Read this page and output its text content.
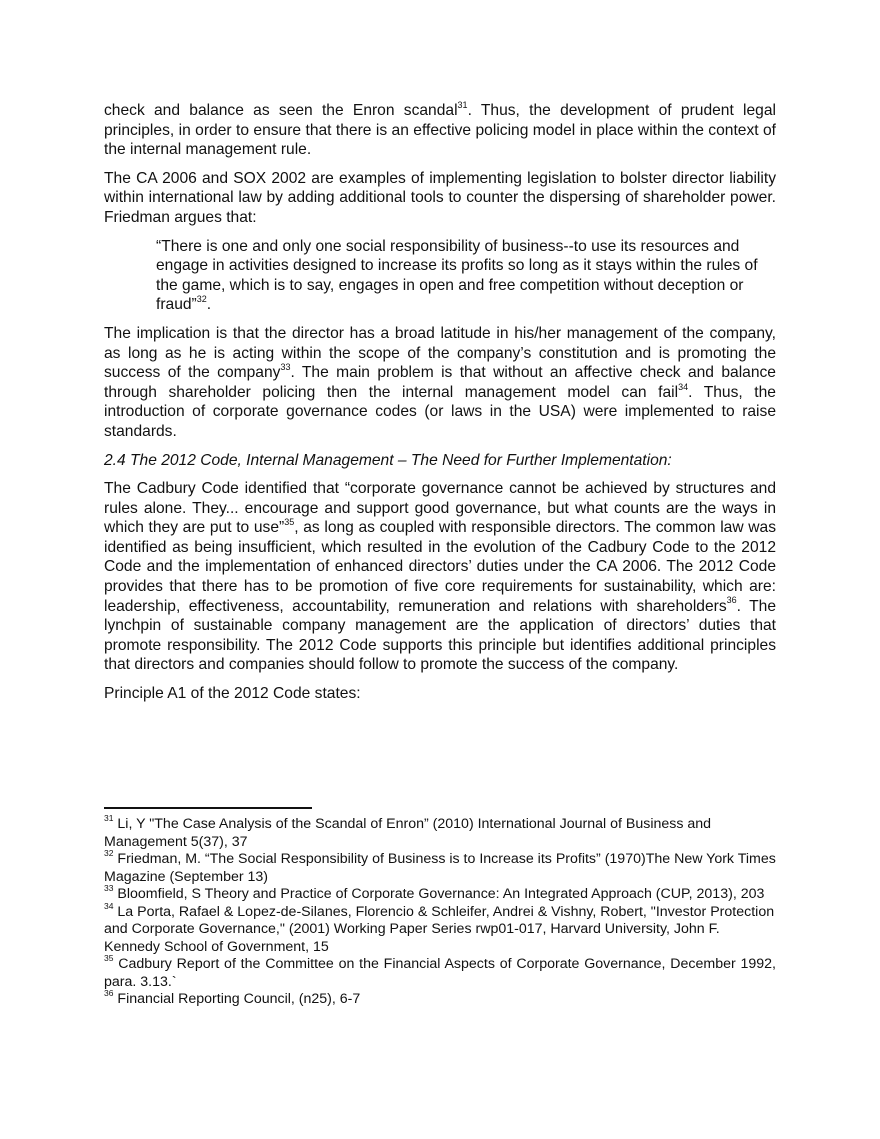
check and balance as seen the Enron scandal$^{31}$. Thus, the development of prudent legal principles, in order to ensure that there is an effective policing model in place within the context of the internal management rule.

The CA 2006 and SOX 2002 are examples of implementing legislation to bolster director liability within international law by adding additional tools to counter the dispersing of shareholder power. Friedman argues that:

“There is one and only one social responsibility of business--to use its resources and engage in activities designed to increase its profits so long as it stays within the rules of the game, which is to say, engages in open and free competition without deception or fraud”$^{32}$.

The implication is that the director has a broad latitude in his/her management of the company, as long as he is acting within the scope of the company’s constitution and is promoting the success of the company$^{33}$. The main problem is that without an affective check and balance through shareholder policing then the internal management model can fail$^{34}$. Thus, the introduction of corporate governance codes (or laws in the USA) were implemented to raise standards.

2.4 The 2012 Code, Internal Management – The Need for Further Implementation:

The Cadbury Code identified that “corporate governance cannot be achieved by structures and rules alone. They... encourage and support good governance, but what counts are the ways in which they are put to use”$^{35}$, as long as coupled with responsible directors. The common law was identified as being insufficient, which resulted in the evolution of the Cadbury Code to the 2012 Code and the implementation of enhanced directors’ duties under the CA 2006. The 2012 Code provides that there has to be promotion of five core requirements for sustainability, which are: leadership, effectiveness, accountability, remuneration and relations with shareholders$^{36}$. The lynchpin of sustainable company management are the application of directors’ duties that promote responsibility. The 2012 Code supports this principle but identifies additional principles that directors and companies should follow to promote the success of the company.

Principle A1 of the 2012 Code states:

$^{31}$ Li, Y "The Case Analysis of the Scandal of Enron” (2010) International Journal of Business and Management 5(37), 37

$^{32}$ Friedman, M. “The Social Responsibility of Business is to Increase its Profits” (1970)The New York Times Magazine (September 13)

$^{33}$ Bloomfield, S Theory and Practice of Corporate Governance: An Integrated Approach (CUP, 2013), 203

$^{34}$ La Porta, Rafael & Lopez-de-Silanes, Florencio & Schleifer, Andrei & Vishny, Robert, "Investor Protection and Corporate Governance," (2001) Working Paper Series rwp01-017, Harvard University, John F. Kennedy School of Government, 15

$^{35}$ Cadbury Report of the Committee on the Financial Aspects of Corporate Governance, December 1992, para. 3.13.`

$^{36}$ Financial Reporting Council, (n25), 6-7
